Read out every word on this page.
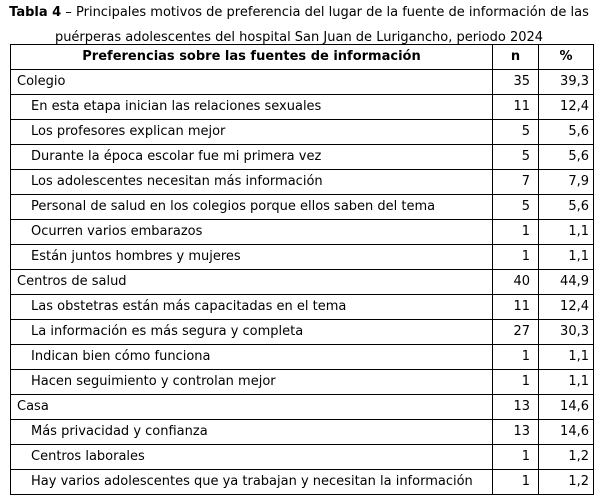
Tabla 4 – Principales motivos de preferencia del lugar de la fuente de información de las
puérperas adolescentes del hospital San Juan de Lurigancho, periodo 2024
Preferencias sobre las fuentes de información	n	%
Colegio	35	39,3
En esta etapa inician las relaciones sexuales	11	12,4
Los profesores explican mejor	5	5,6
Durante la época escolar fue mi primera vez	5	5,6
Los adolescentes necesitan más información	7	7,9
Personal de salud en los colegios porque ellos saben del tema	5	5,6
Ocurren varios embarazos	1	1,1
Están juntos hombres y mujeres	1	1,1
Centros de salud	40	44,9
Las obstetras están más capacitadas en el tema	11	12,4
La información es más segura y completa	27	30,3
Indican bien cómo funciona	1	1,1
Hacen seguimiento y controlan mejor	1	1,1
Casa	13	14,6
Más privacidad y confianza	13	14,6
Centros laborales	1	1,2
Hay varios adolescentes que ya trabajan y necesitan la información	1	1,2
